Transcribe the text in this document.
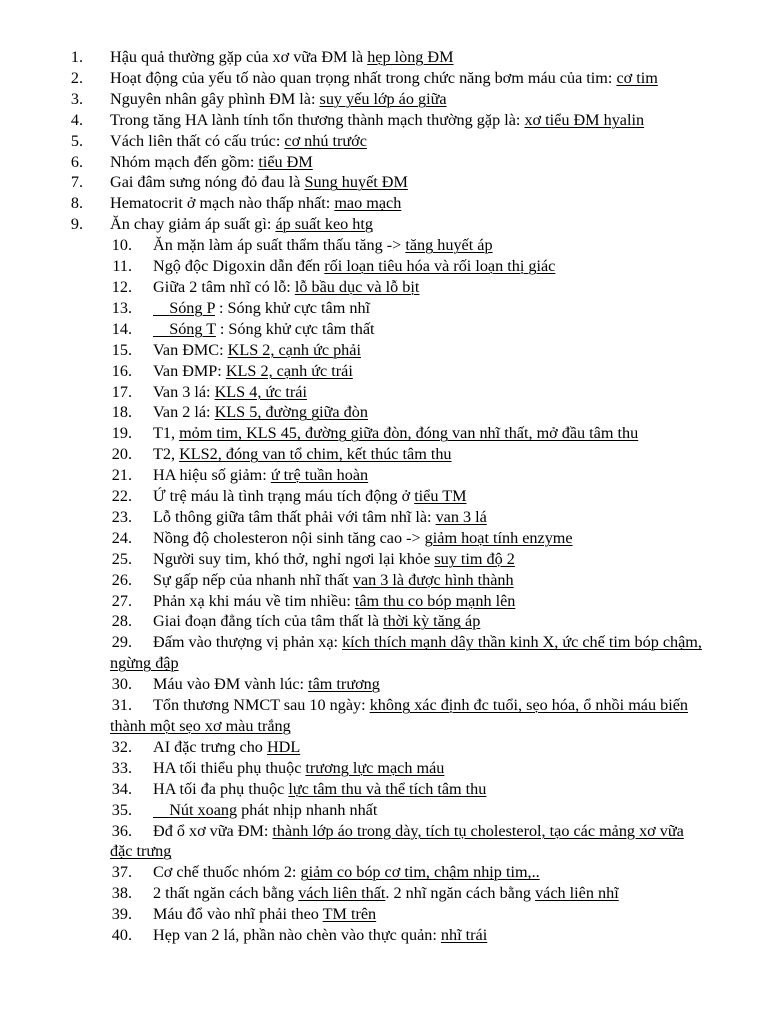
1. Hậu quả thường gặp của xơ vữa ĐM là hẹp lòng ĐM

2. Hoạt động của yếu tố nào quan trọng nhất trong chức năng bơm máu của tim: cơ tim

3. Nguyên nhân gây phình ĐM là: suy yếu lớp áo giữa

4. Trong tăng HA lành tính tổn thương thành mạch thường gặp là: xơ tiểu ĐM hyalin

5. Vách liên thất có cấu trúc: cơ nhú trước

6. Nhóm mạch đến gồm: tiểu ĐM

7. Gai đâm sưng nóng đỏ đau là Sung huyết ĐM

8. Hematocrit ở mạch nào thấp nhất: mao mạch

9. Ăn chay giảm áp suất gì: áp suất keo htg

10. Ăn mặn làm áp suất thẩm thấu tăng -> tăng huyết áp

11. Ngộ độc Digoxin dẫn đến rối loạn tiêu hóa và rối loạn thị giác

12. Giữa 2 tâm nhĩ có lỗ: lỗ bầu dục và lỗ bịt

13. Sóng P : Sóng khử cực tâm nhĩ

14. Sóng T : Sóng khử cực tâm thất

15. Van ĐMC: KLS 2, cạnh ức phải

16. Van ĐMP: KLS 2, cạnh ức trái

17. Van 3 lá: KLS 4, ức trái

18. Van 2 lá: KLS 5, đường giữa đòn

19. T1, mỏm tim, KLS 45, đường giữa đòn, đóng van nhĩ thất, mở đầu tâm thu

20. T2, KLS2, đóng van tổ chim, kết thúc tâm thu

21. HA hiệu số giảm: ứ trệ tuần hoàn

22. Ứ trệ máu là tình trạng máu tích động ở tiểu TM

23. Lỗ thông giữa tâm thất phải với tâm nhĩ là: van 3 lá

24. Nồng độ cholesteron nội sinh tăng cao -> giảm hoạt tính enzyme

25. Người suy tim, khó thở, nghỉ ngơi lại khỏe suy tim độ 2

26. Sự gấp nếp của nhanh nhĩ thất van 3 là được hình thành

27. Phản xạ khi máu về tim nhiều: tâm thu co bóp mạnh lên

28. Giai đoạn đẳng tích của tâm thất là thời kỳ tăng áp

29. Đấm vào thượng vị phản xạ: kích thích mạnh dây thần kinh X, ức chế tim bóp chậm, ngừng đập

30. Máu vào ĐM vành lúc: tâm trương

31. Tổn thương NMCT sau 10 ngày: không xác định đc tuổi, sẹo hóa, ổ nhồi máu biến thành một sẹo xơ màu trắng

32. AI đặc trưng cho HDL

33. HA tối thiểu phụ thuộc trương lực mạch máu

34. HA tối đa phụ thuộc lực tâm thu và thể tích tâm thu

35. Nút xoang phát nhịp nhanh nhất

36. Đđ ổ xơ vữa ĐM: thành lớp áo trong dày, tích tụ cholesterol, tạo các mảng xơ vữa đặc trưng

37. Cơ chế thuốc nhóm 2: giảm co bóp cơ tim, chậm nhịp tim,..

38. 2 thất ngăn cách bằng vách liên thất. 2 nhĩ ngăn cách bằng vách liên nhĩ

39. Máu đổ vào nhĩ phải theo TM trên

40. Hẹp van 2 lá, phần nào chèn vào thực quản: nhĩ trái
